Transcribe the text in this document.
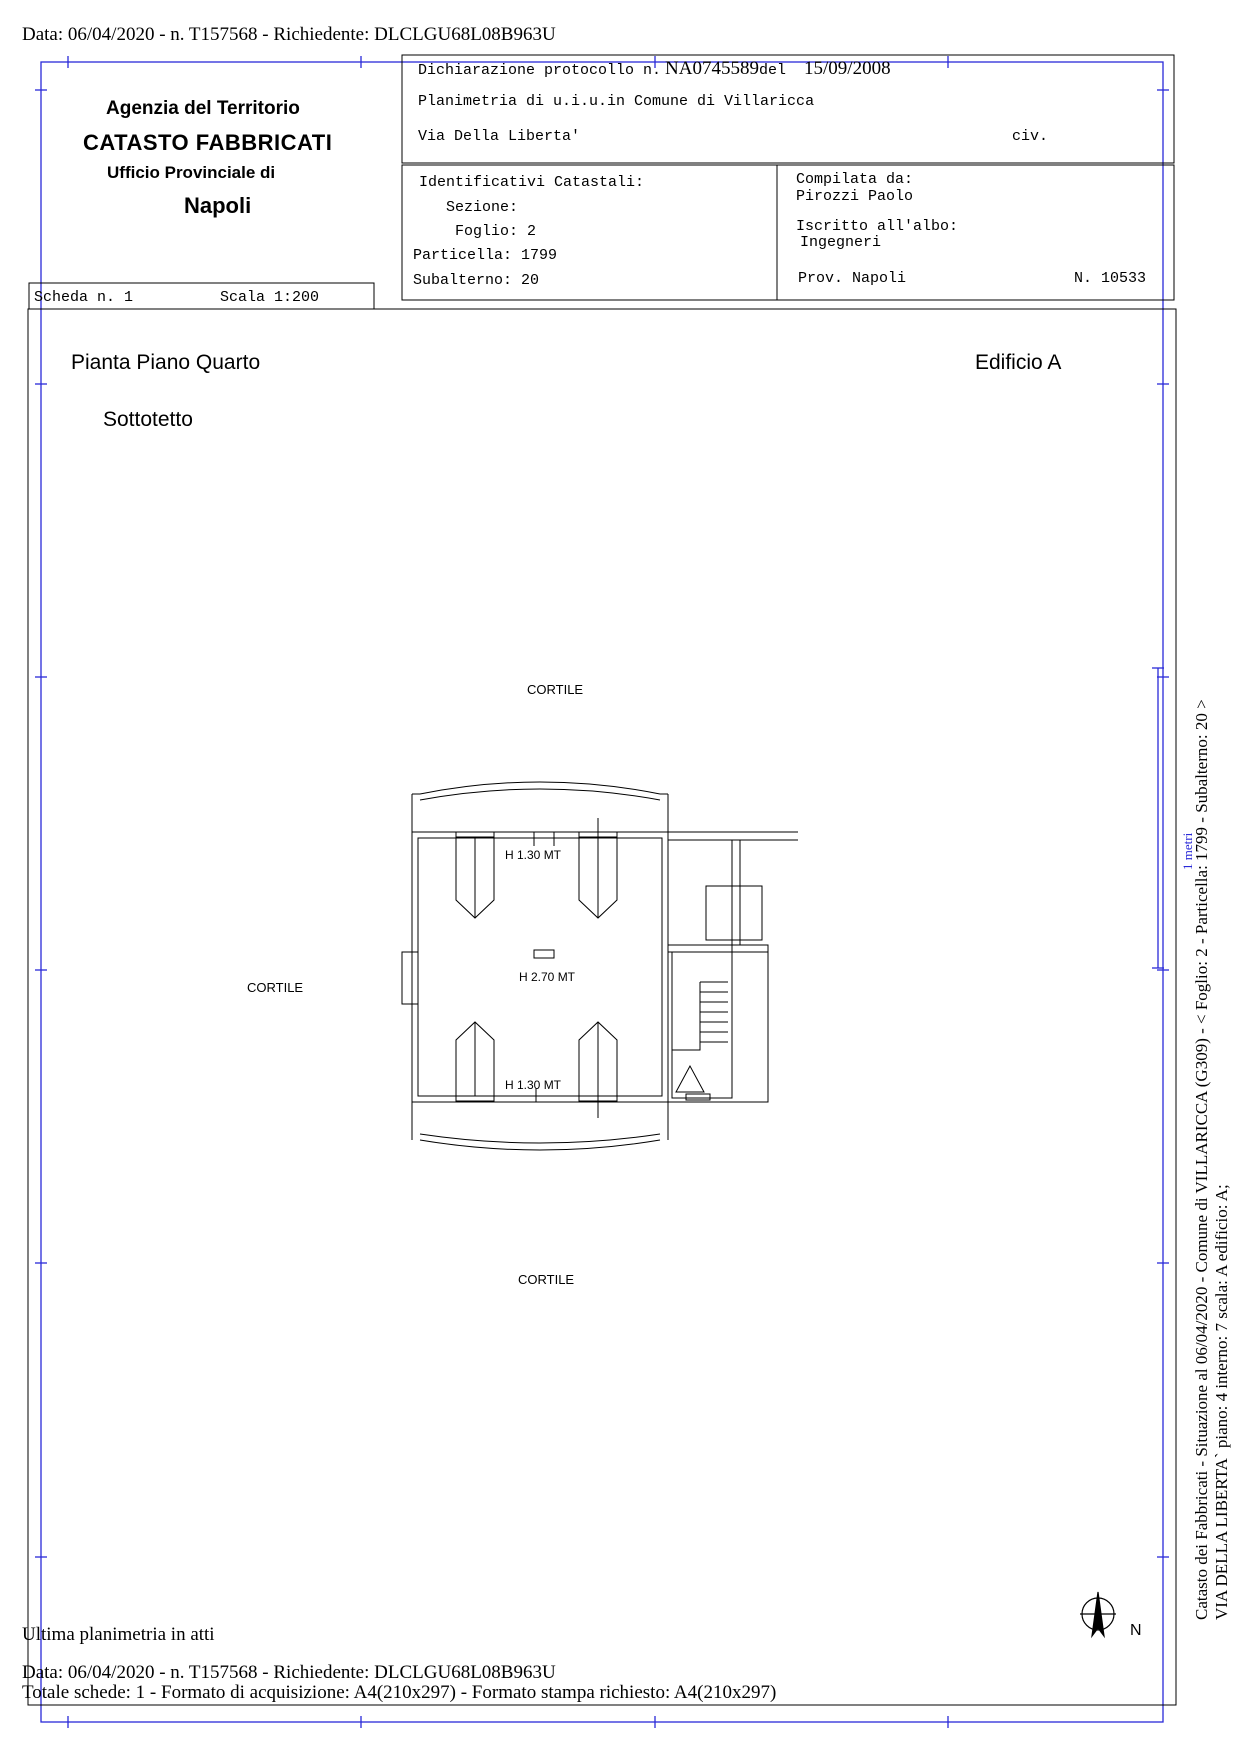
Data: 06/04/2020 - n. T157568 - Richiedente: DLCLGU68L08B963U
Agenzia del Territorio
CATASTO FABBRICATI
Ufficio Provinciale di
Napoli
Scheda n. 1	Scala 1:200
Dichiarazione protocollo n. NA0745589del 15/09/2008
Planimetria di u.i.u.in Comune di Villaricca
Via Della Liberta'	civ.
Identificativi Catastali:
Sezione:
Foglio: 2
Particella: 1799
Subalterno: 20
Compilata da:
Pirozzi Paolo
Iscritto all'albo:
Ingegneri
Prov. Napoli	N. 10533
Pianta Piano Quarto
Sottotetto
Edificio A
CORTILE
CORTILE
CORTILE
H 1.30 MT
H 2.70 MT
H 1.30 MT
N
Catasto dei Fabbricati - Situazione al 06/04/2020 - Comune di VILLARICCA (G309) - < Foglio: 2 - Particella: 1799 - Subalterno: 20 > VIA DELLA LIBERTA` piano: 4 interno: 7 scala: A edificio: A;
1 metri
Ultima planimetria in atti
Data: 06/04/2020 - n. T157568 - Richiedente: DLCLGU68L08B963U
Totale schede: 1 - Formato di acquisizione: A4(210x297) - Formato stampa richiesto: A4(210x297)
